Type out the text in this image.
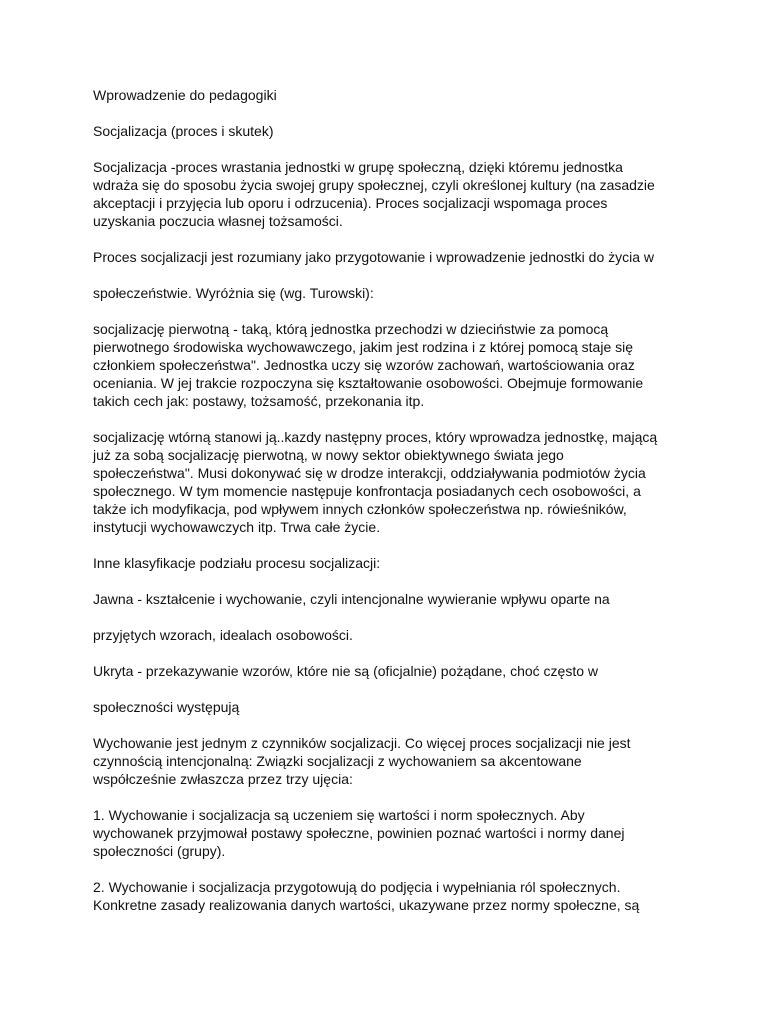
Wprowadzenie do pedagogiki

Socjalizacja (proces i skutek)

Socjalizacja -proces wrastania jednostki w grupę społeczną, dzięki któremu jednostka
wdraża się do sposobu życia swojej grupy społecznej, czyli określonej kultury (na zasadzie
akceptacji i przyjęcia lub oporu i odrzucenia). Proces socjalizacji wspomaga proces
uzyskania poczucia własnej tożsamości.

Proces socjalizacji jest rozumiany jako przygotowanie i wprowadzenie jednostki do życia w

społeczeństwie. Wyróżnia się (wg. Turowski):

socjalizację pierwotną - taką, którą jednostka przechodzi w dzieciństwie za pomocą
pierwotnego środowiska wychowawczego, jakim jest rodzina i z której pomocą staje się
członkiem społeczeństwa". Jednostka uczy się wzorów zachowań, wartościowania oraz
oceniania. W jej trakcie rozpoczyna się kształtowanie osobowości. Obejmuje formowanie
takich cech jak: postawy, tożsamość, przekonania itp.

socjalizację wtórną stanowi ją..kazdy następny proces, który wprowadza jednostkę, mającą
już za sobą socjalizację pierwotną, w nowy sektor obiektywnego świata jego
społeczeństwa". Musi dokonywać się w drodze interakcji, oddziaływania podmiotów życia
społecznego. W tym momencie następuje konfrontacja posiadanych cech osobowości, a
także ich modyfikacja, pod wpływem innych członków społeczeństwa np. rówieśników,
instytucji wychowawczych itp. Trwa całe życie.

Inne klasyfikacje podziału procesu socjalizacji:

Jawna - kształcenie i wychowanie, czyli intencjonalne wywieranie wpływu oparte na

przyjętych wzorach, idealach osobowości.

Ukryta - przekazywanie wzorów, które nie są (oficjalnie) pożądane, choć często w

społeczności występują

Wychowanie jest jednym z czynników socjalizacji. Co więcej proces socjalizacji nie jest
czynnością intencjonalną: Związki socjalizacji z wychowaniem sa akcentowane
współcześnie zwłaszcza przez trzy ujęcia:

1. Wychowanie i socjalizacja są uczeniem się wartości i norm społecznych. Aby
wychowanek przyjmował postawy społeczne, powinien poznać wartości i normy danej
społeczności (grupy).

2. Wychowanie i socjalizacja przygotowują do podjęcia i wypełniania ról społecznych.
Konkretne zasady realizowania danych wartości, ukazywane przez normy społeczne, są
